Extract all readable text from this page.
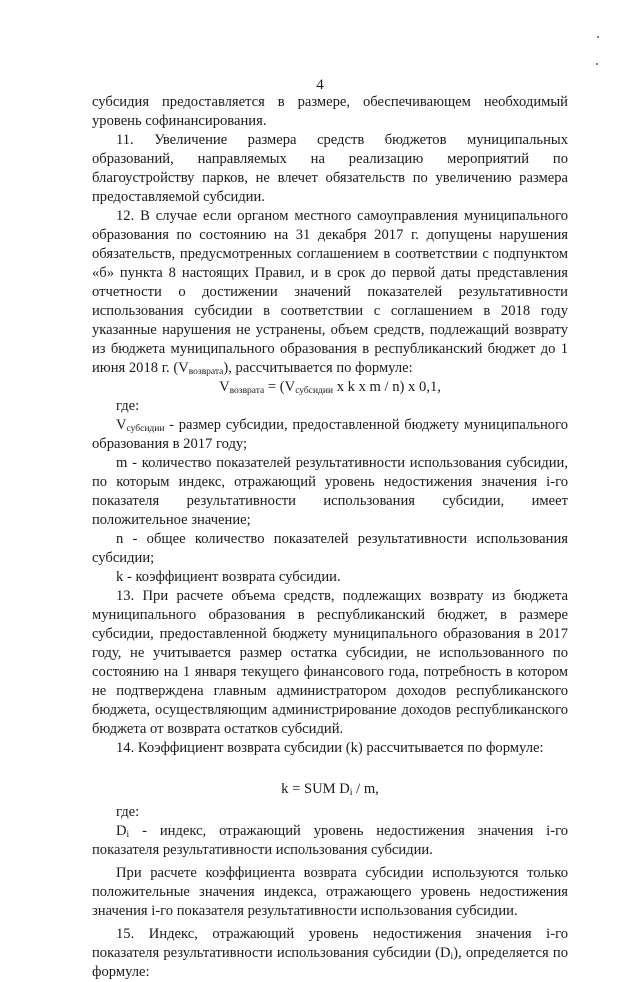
4

субсидия предоставляется в размере, обеспечивающем необходимый уровень софинансирования.

11. Увеличение размера средств бюджетов муниципальных образований, направляемых на реализацию мероприятий по благоустройству парков, не влечет обязательств по увеличению размера предоставляемой субсидии.

12. В случае если органом местного самоуправления муниципального образования по состоянию на 31 декабря 2017 г. допущены нарушения обязательств, предусмотренных соглашением в соответствии с подпунктом «б» пункта 8 настоящих Правил, и в срок до первой даты представления отчетности о достижении значений показателей результативности использования субсидии в соответствии с соглашением в 2018 году указанные нарушения не устранены, объем средств, подлежащий возврату из бюджета муниципального образования в республиканский бюджет до 1 июня 2018 г. $(V_{возврата})$, рассчитывается по формуле:

$V_{возврата} = (V_{субсидии}$ x k x m / n) x 0,1,

где:

$V_{субсидии}$ - размер субсидии, предоставленной бюджету муниципального образования в 2017 году;

m - количество показателей результативности использования субсидии, по которым индекс, отражающий уровень недостижения значения i-го показателя результативности использования субсидии, имеет положительное значение;

n - общее количество показателей результативности использования субсидии;

k - коэффициент возврата субсидии.

13. При расчете объема средств, подлежащих возврату из бюджета муниципального образования в республиканский бюджет, в размере субсидии, предоставленной бюджету муниципального образования в 2017 году, не учитывается размер остатка субсидии, не использованного по состоянию на 1 января текущего финансового года, потребность в котором не подтверждена главным администратором доходов республиканского бюджета, осуществляющим администрирование доходов республиканского бюджета от возврата остатков субсидий.

14. Коэффициент возврата субсидии (k) рассчитывается по формуле:

k = SUM $D_i$ / m,

где:

$D_i$ - индекс, отражающий уровень недостижения значения i-го показателя результативности использования субсидии.

При расчете коэффициента возврата субсидии используются только положительные значения индекса, отражающего уровень недостижения значения i-го показателя результативности использования субсидии.

15. Индекс, отражающий уровень недостижения значения i-го показателя результативности использования субсидии $(D_i)$, определяется по формуле:
